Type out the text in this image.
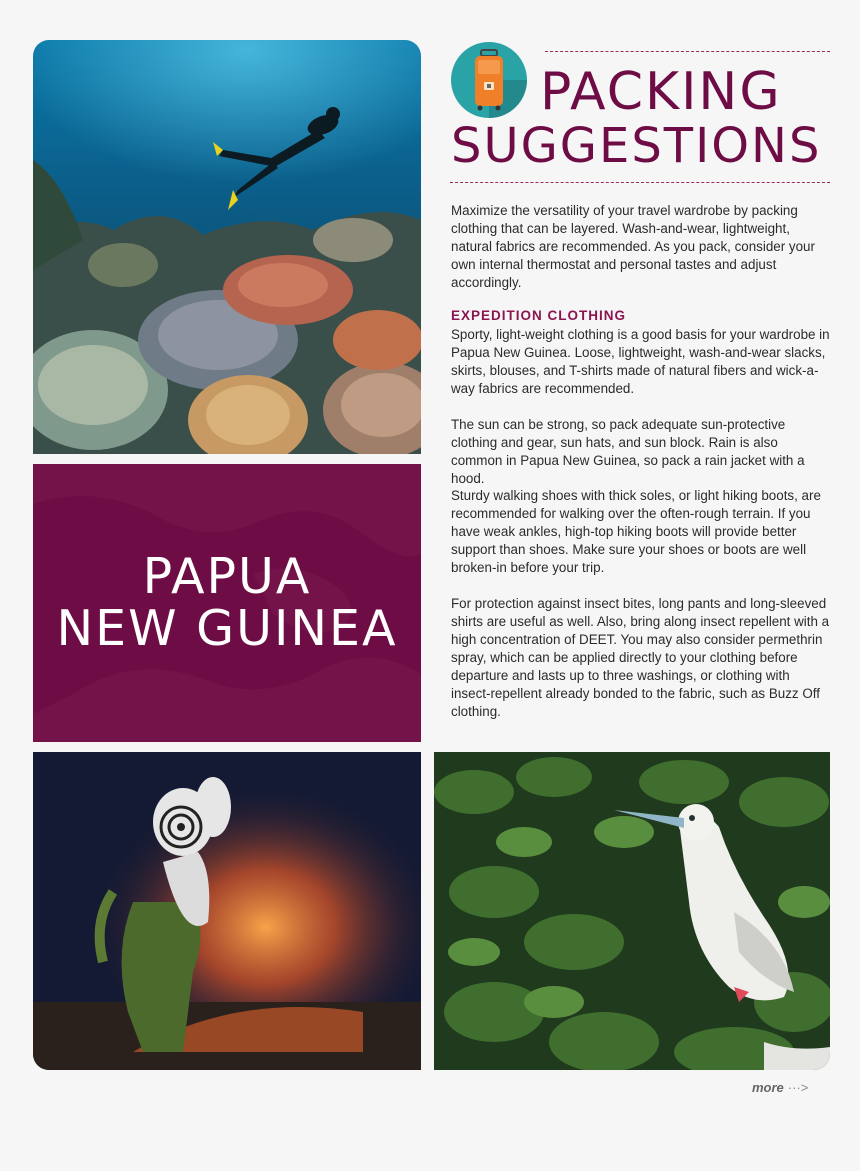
PAPUA
NEW GUINEA
PACKING
SUGGESTIONS
Maximize the versatility of your travel wardrobe by packing clothing that can be layered. Wash-and-wear, lightweight, natural fabrics are recommended. As you pack, consider your own internal thermostat and personal tastes and adjust accordingly.
EXPEDITION CLOTHING
Sporty, light-weight clothing is a good basis for your wardrobe in Papua New Guinea. Loose, lightweight, wash-and-wear slacks, skirts, blouses, and T-shirts made of natural fibers and wick-a-way fabrics are recommended.
The sun can be strong, so pack adequate sun-protective clothing and gear, sun hats, and sun block. Rain is also common in Papua New Guinea, so pack a rain jacket with a hood.
Sturdy walking shoes with thick soles, or light hiking boots, are recommended for walking over the often-rough terrain. If you have weak ankles, high-top hiking boots will provide better support than shoes. Make sure your shoes or boots are well broken-in before your trip.
For protection against insect bites, long pants and long-sleeved shirts are useful as well. Also, bring along insect repellent with a high concentration of DEET. You may also consider permethrin spray, which can be applied directly to your clothing before departure and lasts up to three washings, or clothing with insect-repellent already bonded to the fabric, such as Buzz Off clothing.
more ···>
